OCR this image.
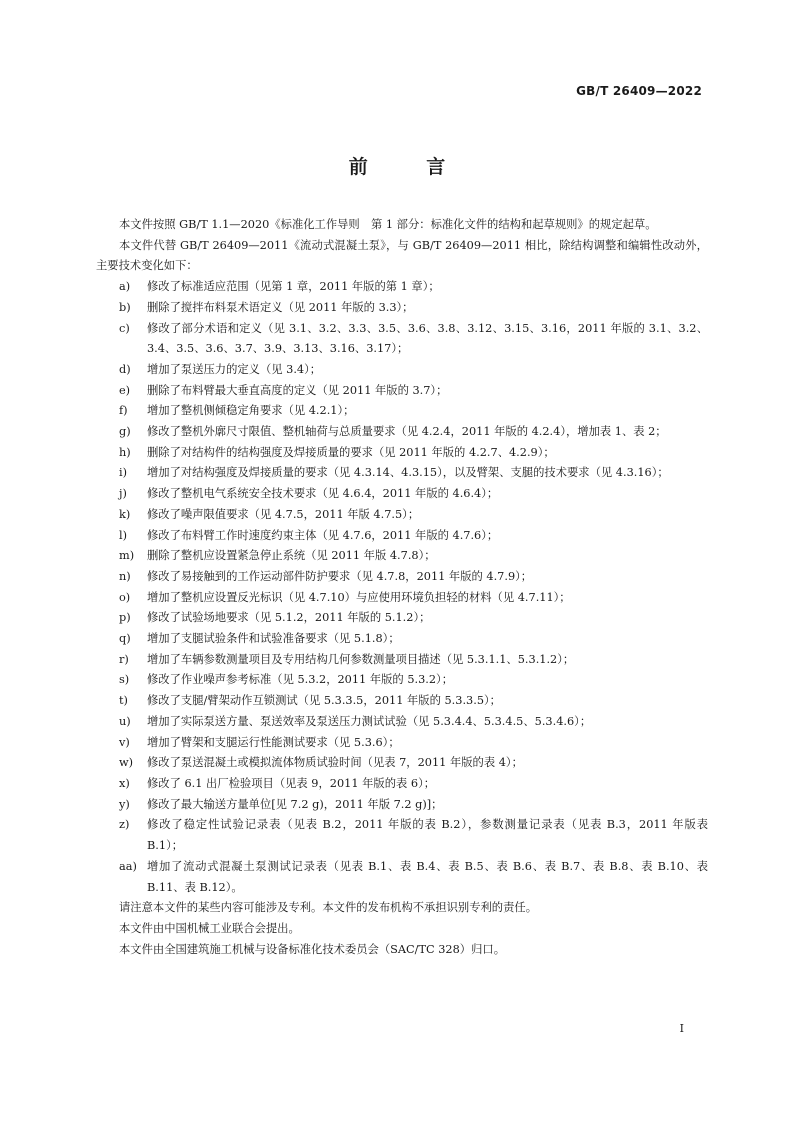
GB/T 26409—2022
前 言

本文件按照 GB/T 1.1—2020《标准化工作导则　第 1 部分：标准化文件的结构和起草规则》的规定起草。

本文件代替 GB/T 26409—2011《流动式混凝土泵》，与 GB/T 26409—2011 相比，除结构调整和编辑性改动外，主要技术变化如下：

a)	修改了标准适应范围（见第 1 章，2011 年版的第 1 章）；
b)	删除了搅拌布料泵术语定义（见 2011 年版的 3.3）；
c)	修改了部分术语和定义（见 3.1、3.2、3.3、3.5、3.6、3.8、3.12、3.15、3.16，2011 年版的 3.1、3.2、3.4、3.5、3.6、3.7、3.9、3.13、3.16、3.17）；
d)	增加了泵送压力的定义（见 3.4）；
e)	删除了布料臂最大垂直高度的定义（见 2011 年版的 3.7）；
f)	增加了整机侧倾稳定角要求（见 4.2.1）；
g)	修改了整机外廓尺寸限值、整机轴荷与总质量要求（见 4.2.4，2011 年版的 4.2.4），增加表 1、表 2；
h)	删除了对结构件的结构强度及焊接质量的要求（见 2011 年版的 4.2.7、4.2.9）；
i)	增加了对结构强度及焊接质量的要求（见 4.3.14、4.3.15），以及臂架、支腿的技术要求（见 4.3.16）；
j)	修改了整机电气系统安全技术要求（见 4.6.4，2011 年版的 4.6.4）；
k)	修改了噪声限值要求（见 4.7.5，2011 年版 4.7.5）；
l)	修改了布料臂工作时速度约束主体（见 4.7.6，2011 年版的 4.7.6）；
m)	删除了整机应设置紧急停止系统（见 2011 年版 4.7.8）；
n)	修改了易接触到的工作运动部件防护要求（见 4.7.8，2011 年版的 4.7.9）；
o)	增加了整机应设置反光标识（见 4.7.10）与应使用环境负担轻的材料（见 4.7.11）；
p)	修改了试验场地要求（见 5.1.2，2011 年版的 5.1.2）；
q)	增加了支腿试验条件和试验准备要求（见 5.1.8）；
r)	增加了车辆参数测量项目及专用结构几何参数测量项目描述（见 5.3.1.1、5.3.1.2）；
s)	修改了作业噪声参考标准（见 5.3.2，2011 年版的 5.3.2）；
t)	修改了支腿/臂架动作互锁测试（见 5.3.3.5，2011 年版的 5.3.3.5）；
u)	增加了实际泵送方量、泵送效率及泵送压力测试试验（见 5.3.4.4、5.3.4.5、5.3.4.6）；
v)	增加了臂架和支腿运行性能测试要求（见 5.3.6）；
w)	修改了泵送混凝土或模拟流体物质试验时间（见表 7，2011 年版的表 4）；
x)	修改了 6.1 出厂检验项目（见表 9，2011 年版的表 6）；
y)	修改了最大输送方量单位[见 7.2 g)，2011 年版 7.2 g)]；
z)	修改了稳定性试验记录表（见表 B.2，2011 年版的表 B.2），参数测量记录表（见表 B.3，2011 年版表 B.1）；
aa) 增加了流动式混凝土泵测试记录表（见表 B.1、表 B.4、表 B.5、表 B.6、表 B.7、表 B.8、表 B.10、表 B.11、表 B.12）。

请注意本文件的某些内容可能涉及专利。本文件的发布机构不承担识别专利的责任。

本文件由中国机械工业联合会提出。

本文件由全国建筑施工机械与设备标准化技术委员会（SAC/TC 328）归口。

I
